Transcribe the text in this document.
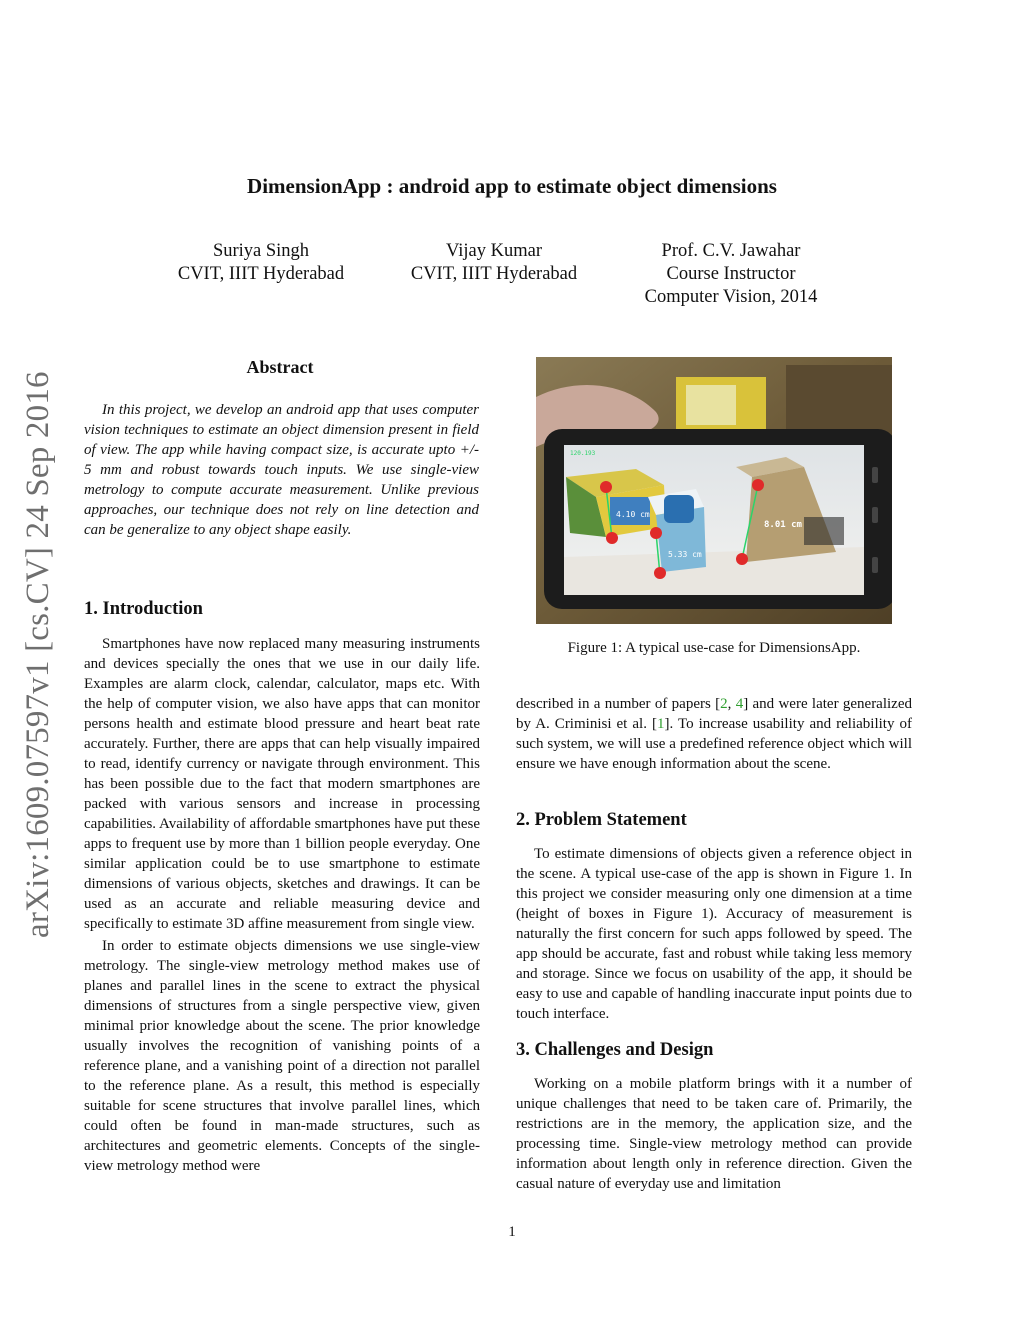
arXiv:1609.07597v1 [cs.CV] 24 Sep 2016
DimensionApp : android app to estimate object dimensions
Suriya Singh
CVIT, IIIT Hyderabad
Vijay Kumar
CVIT, IIIT Hyderabad
Prof. C.V. Jawahar
Course Instructor
Computer Vision, 2014
Abstract

In this project, we develop an android app that uses computer vision techniques to estimate an object dimension present in field of view. The app while having compact size, is accurate upto +/- 5 mm and robust towards touch inputs. We use single-view metrology to compute accurate measurement. Unlike previous approaches, our technique does not rely on line detection and can be generalize to any object shape easily.

1. Introduction

Smartphones have now replaced many measuring instruments and devices specially the ones that we use in our daily life. Examples are alarm clock, calendar, calculator, maps etc. With the help of computer vision, we also have apps that can monitor persons health and estimate blood pressure and heart beat rate accurately. Further, there are apps that can help visually impaired to read, identify currency or navigate through environment. This has been possible due to the fact that modern smartphones are packed with various sensors and increase in processing capabilities. Availability of affordable smartphones have put these apps to frequent use by more than 1 billion people everyday. One similar application could be to use smartphone to estimate dimensions of various objects, sketches and drawings. It can be used as an accurate and reliable measuring device and specifically to estimate 3D affine measurement from single view.

In order to estimate objects dimensions we use single-view metrology. The single-view metrology method makes use of planes and parallel lines in the scene to extract the physical dimensions of structures from a single perspective view, given minimal prior knowledge about the scene. The prior knowledge usually involves the recognition of vanishing points of a reference plane, and a vanishing point of a direction not parallel to the reference plane. As a result, this method is especially suitable for scene structures that involve parallel lines, which could often be found in man-made structures, such as architectures and geometric elements. Concepts of the single-view metrology method were

8.01 cm
4.10 cm
5.33 cm
120.193
Figure 1: A typical use-case for DimensionsApp.

described in a number of papers [2, 4] and were later generalized by A. Criminisi et al. [1]. To increase usability and reliability of such system, we will use a predefined reference object which will ensure we have enough information about the scene.

2. Problem Statement

To estimate dimensions of objects given a reference object in the scene. A typical use-case of the app is shown in Figure 1. In this project we consider measuring only one dimension at a time (height of boxes in Figure 1). Accuracy of measurement is naturally the first concern for such apps followed by speed. The app should be accurate, fast and robust while taking less memory and storage. Since we focus on usability of the app, it should be easy to use and capable of handling inaccurate input points due to touch interface.

3. Challenges and Design

Working on a mobile platform brings with it a number of unique challenges that need to be taken care of. Primarily, the restrictions are in the memory, the application size, and the processing time. Single-view metrology method can provide information about length only in reference direction. Given the casual nature of everyday use and limitation

1
